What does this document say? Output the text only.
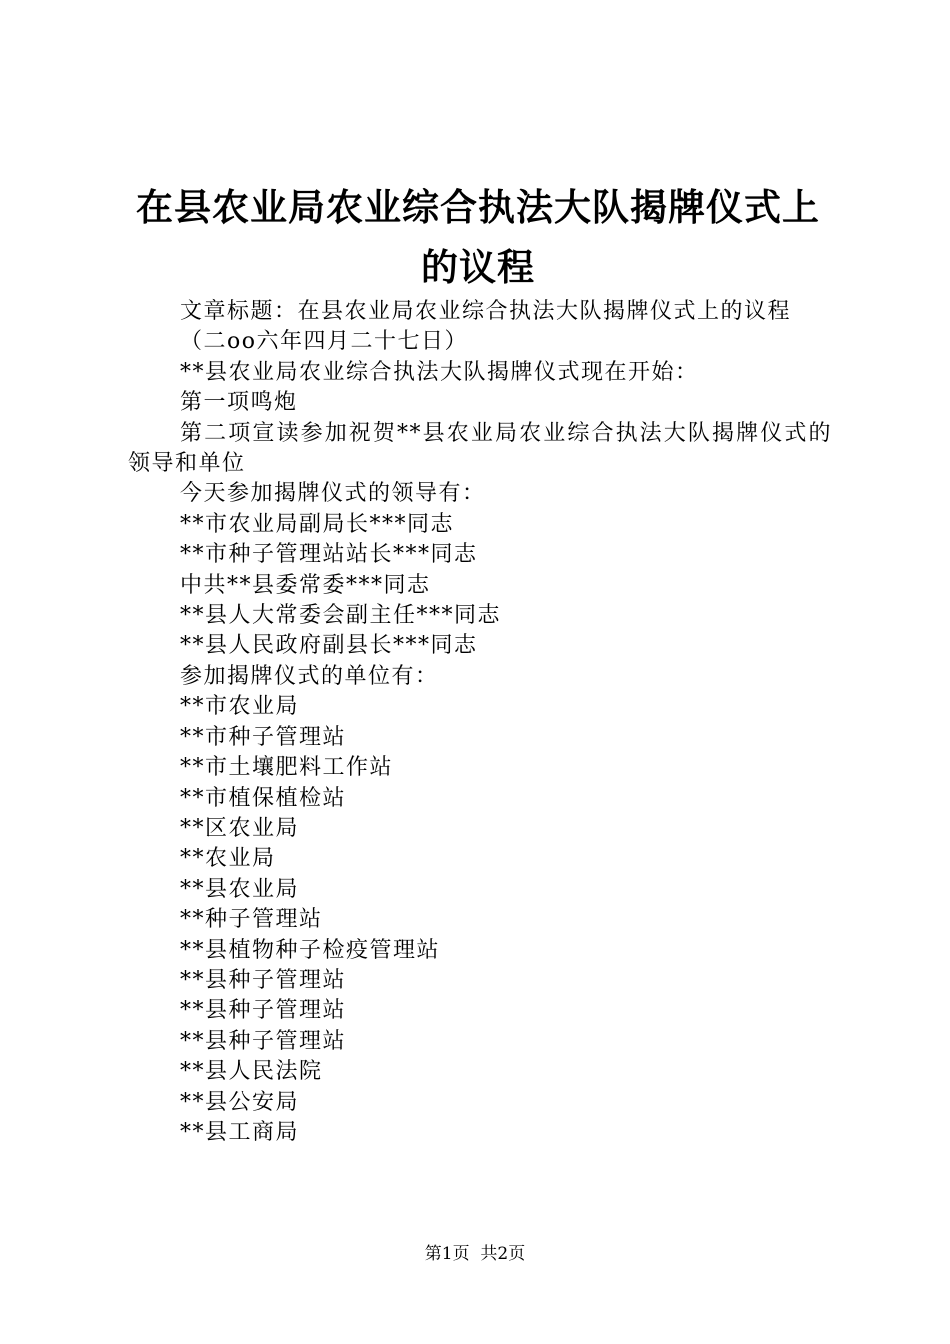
在县农业局农业综合执法大队揭牌仪式上的议程

文章标题：在县农业局农业综合执法大队揭牌仪式上的议程

（二oo六年四月二十七日）

**县农业局农业综合执法大队揭牌仪式现在开始：

第一项鸣炮

第二项宣读参加祝贺**县农业局农业综合执法大队揭牌仪式的领导和单位

今天参加揭牌仪式的领导有：

**市农业局副局长***同志

**市种子管理站站长***同志

中共**县委常委***同志

**县人大常委会副主任***同志

**县人民政府副县长***同志

参加揭牌仪式的单位有：

**市农业局

**市种子管理站

**市土壤肥料工作站

**市植保植检站

**区农业局

**农业局

**县农业局

**种子管理站

**县植物种子检疫管理站

**县种子管理站

**县种子管理站

**县种子管理站

**县人民法院

**县公安局

**县工商局

第1页 共2页
